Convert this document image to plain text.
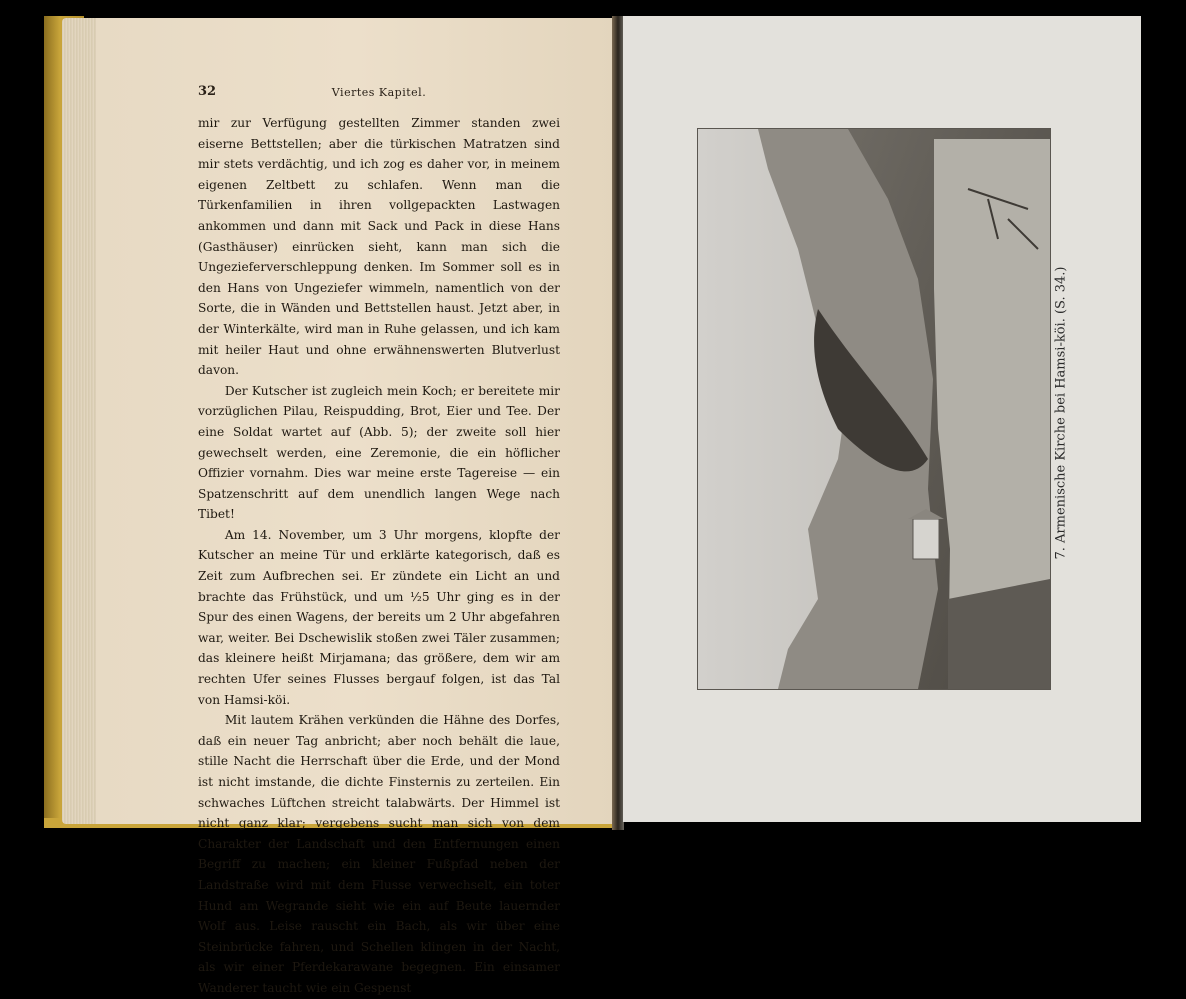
32	Viertes Kapitel.

mir zur Verfügung gestellten Zimmer standen zwei eiserne Bettstellen; aber die türkischen Matratzen sind mir stets verdächtig, und ich zog es daher vor, in meinem eigenen Zeltbett zu schlafen. Wenn man die Türkenfamilien in ihren vollgepackten Lastwagen ankommen und dann mit Sack und Pack in diese Hans (Gasthäuser) einrücken sieht, kann man sich die Ungezieferverschleppung denken. Im Sommer soll es in den Hans von Ungeziefer wimmeln, namentlich von der Sorte, die in Wänden und Bettstellen haust. Jetzt aber, in der Winterkälte, wird man in Ruhe gelassen, und ich kam mit heiler Haut und ohne erwähnenswerten Blutverlust davon.

Der Kutscher ist zugleich mein Koch; er bereitete mir vorzüglichen Pilau, Reispudding, Brot, Eier und Tee. Der eine Soldat wartet auf (Abb. 5); der zweite soll hier gewechselt werden, eine Zeremonie, die ein höflicher Offizier vornahm. Dies war meine erste Tagereise — ein Spatzenschritt auf dem unendlich langen Wege nach Tibet!

Am 14. November, um 3 Uhr morgens, klopfte der Kutscher an meine Tür und erklärte kategorisch, daß es Zeit zum Aufbrechen sei. Er zündete ein Licht an und brachte das Frühstück, und um ½5 Uhr ging es in der Spur des einen Wagens, der bereits um 2 Uhr abgefahren war, weiter. Bei Dschewislik stoßen zwei Täler zusammen; das kleinere heißt Mirjamana; das größere, dem wir am rechten Ufer seines Flusses bergauf folgen, ist das Tal von Hamsi-köi.

Mit lautem Krähen verkünden die Hähne des Dorfes, daß ein neuer Tag anbricht; aber noch behält die laue, stille Nacht die Herrschaft über die Erde, und der Mond ist nicht imstande, die dichte Finsternis zu zerteilen. Ein schwaches Lüftchen streicht talabwärts. Der Himmel ist nicht ganz klar; vergebens sucht man sich von dem Charakter der Landschaft und den Entfernungen einen Begriff zu machen; ein kleiner Fußpfad neben der Landstraße wird mit dem Flusse verwechselt, ein toter Hund am Wegrande sieht wie ein auf Beute lauernder Wolf aus. Leise rauscht ein Bach, als wir über eine Steinbrücke fahren, und Schellen klingen in der Nacht, als wir einer Pferdekarawane begegnen. Ein einsamer Wanderer taucht wie ein Gespenst

7. Armenische Kirche bei Hamsi-köi. (S. 34.)
